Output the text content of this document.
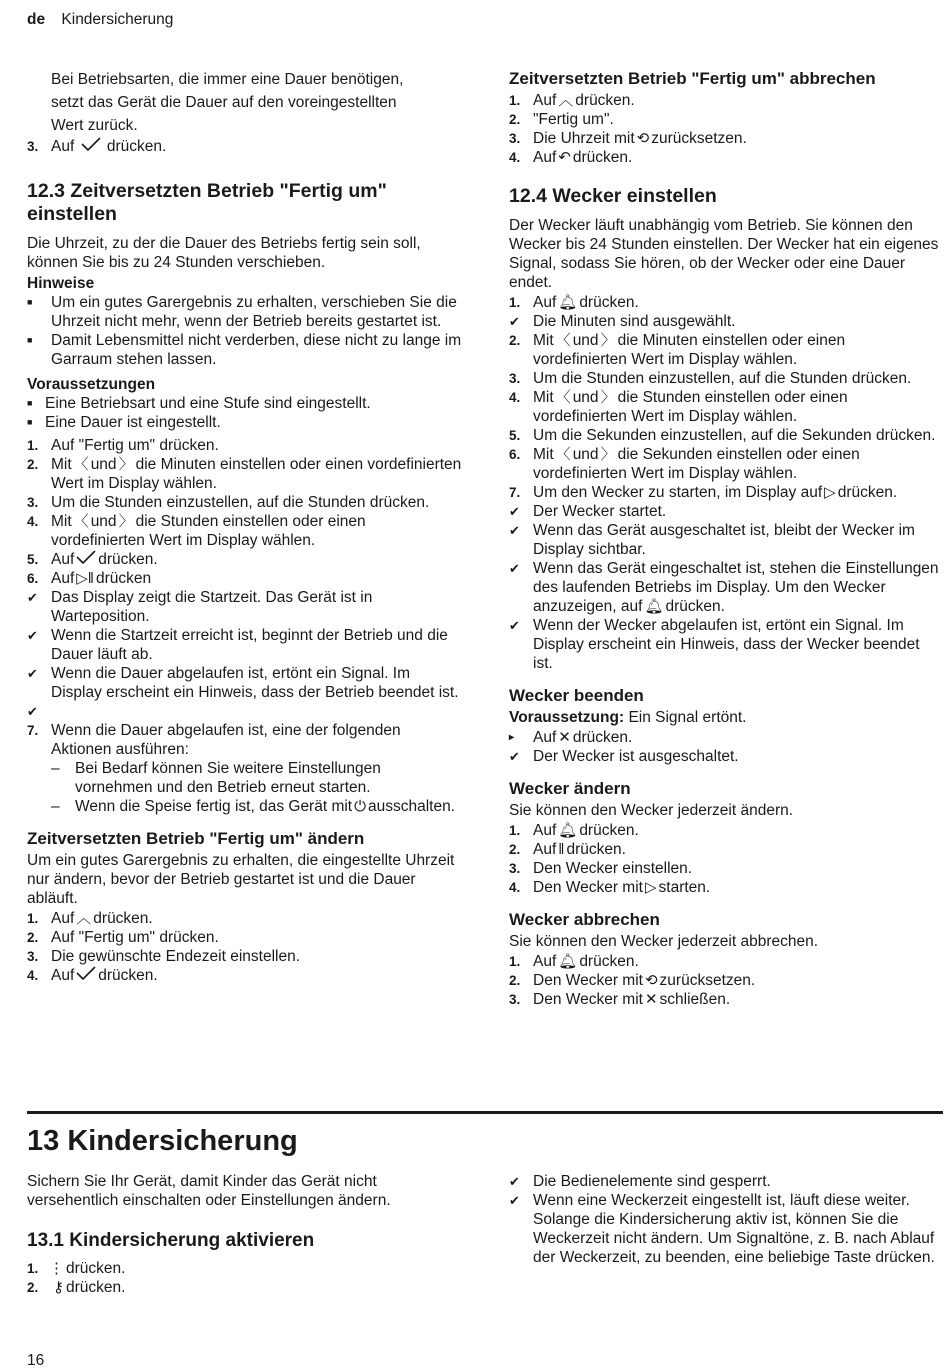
de Kindersicherung
Bei Betriebsarten, die immer eine Dauer benötigen,
setzt das Gerät die Dauer auf den voreingestellten
Wert zurück.
3. Auf drücken.
12.3 Zeitversetzten Betrieb "Fertig um"
einstellen
Die Uhrzeit, zu der die Dauer des Betriebs fertig sein soll, können Sie bis zu 24 Stunden verschieben.
Hinweise
■ Um ein gutes Garergebnis zu erhalten, verschieben Sie die Uhrzeit nicht mehr, wenn der Betrieb bereits gestartet ist.
■ Damit Lebensmittel nicht verderben, diese nicht zu lange im Garraum stehen lassen.
Voraussetzungen
■ Eine Betriebsart und eine Stufe sind eingestellt.
■ Eine Dauer ist eingestellt.
1. Auf "Fertig um" drücken.
2. Mit 〈 und 〉 die Minuten einstellen oder einen vordefinierten Wert im Display wählen.
3. Um die Stunden einzustellen, auf die Stunden drücken.
4. Mit 〈 und 〉 die Stunden einstellen oder einen vordefinierten Wert im Display wählen.
5. Auf drücken.
6. Auf ▷‖ drücken
✔ Das Display zeigt die Startzeit. Das Gerät ist in Warteposition.
✔ Wenn die Startzeit erreicht ist, beginnt der Betrieb und die Dauer läuft ab.
✔ Wenn die Dauer abgelaufen ist, ertönt ein Signal. Im Display erscheint ein Hinweis, dass der Betrieb beendet ist.
✔
7. Wenn die Dauer abgelaufen ist, eine der folgenden Aktionen ausführen:
– Bei Bedarf können Sie weitere Einstellungen vornehmen und den Betrieb erneut starten.
– Wenn die Speise fertig ist, das Gerät mit ⏻ ausschalten.
Zeitversetzten Betrieb "Fertig um" ändern
Um ein gutes Garergebnis zu erhalten, die eingestellte Uhrzeit nur ändern, bevor der Betrieb gestartet ist und die Dauer abläuft.
1. Auf ︿ drücken.
2. Auf "Fertig um" drücken.
3. Die gewünschte Endezeit einstellen.
4. Auf drücken.
Zeitversetzten Betrieb "Fertig um" abbrechen
1. Auf ︿ drücken.
2. "Fertig um".
3. Die Uhrzeit mit ⟲ zurücksetzen.
4. Auf ↶ drücken.
12.4 Wecker einstellen
Der Wecker läuft unabhängig vom Betrieb. Sie können den Wecker bis 24 Stunden einstellen. Der Wecker hat ein eigenes Signal, sodass Sie hören, ob der Wecker oder eine Dauer endet.
1. Auf 🔔︎ drücken.
✔ Die Minuten sind ausgewählt.
2. Mit 〈 und 〉 die Minuten einstellen oder einen vordefinierten Wert im Display wählen.
3. Um die Stunden einzustellen, auf die Stunden drücken.
4. Mit 〈 und 〉 die Stunden einstellen oder einen vordefinierten Wert im Display wählen.
5. Um die Sekunden einzustellen, auf die Sekunden drücken.
6. Mit 〈 und 〉 die Sekunden einstellen oder einen vordefinierten Wert im Display wählen.
7. Um den Wecker zu starten, im Display auf ▷ drücken.
✔ Der Wecker startet.
✔ Wenn das Gerät ausgeschaltet ist, bleibt der Wecker im Display sichtbar.
✔ Wenn das Gerät eingeschaltet ist, stehen die Einstellungen des laufenden Betriebs im Display. Um den Wecker anzuzeigen, auf 🔔︎ drücken.
✔ Wenn der Wecker abgelaufen ist, ertönt ein Signal. Im Display erscheint ein Hinweis, dass der Wecker beendet ist.
Wecker beenden
Voraussetzung: Ein Signal ertönt.
▸ Auf ✕ drücken.
✔ Der Wecker ist ausgeschaltet.
Wecker ändern
Sie können den Wecker jederzeit ändern.
1. Auf 🔔︎ drücken.
2. Auf ‖ drücken.
3. Den Wecker einstellen.
4. Den Wecker mit ▷ starten.
Wecker abbrechen
Sie können den Wecker jederzeit abbrechen.
1. Auf 🔔︎ drücken.
2. Den Wecker mit ⟲ zurücksetzen.
3. Den Wecker mit ✕ schließen.
13 Kindersicherung
Sichern Sie Ihr Gerät, damit Kinder das Gerät nicht versehentlich einschalten oder Einstellungen ändern.
13.1 Kindersicherung aktivieren
1. ⋮ drücken.
2. ⚷ drücken.
✔ Die Bedienelemente sind gesperrt.
✔ Wenn eine Weckerzeit eingestellt ist, läuft diese weiter. Solange die Kindersicherung aktiv ist, können Sie die Weckerzeit nicht ändern. Um Signaltöne, z. B. nach Ablauf der Weckerzeit, zu beenden, eine beliebige Taste drücken.
16
